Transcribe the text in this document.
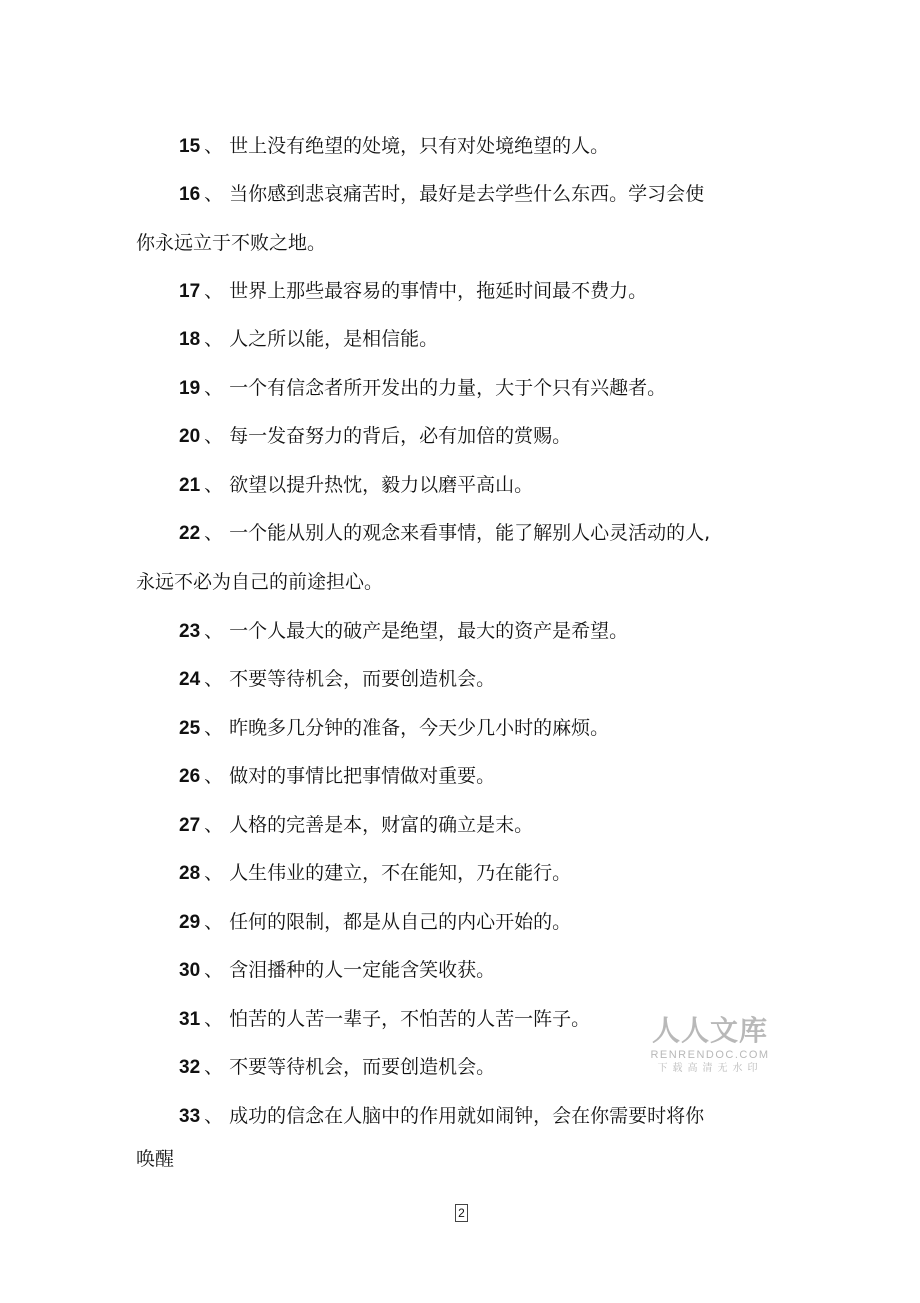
15 、 世上没有绝望的处境，只有对处境绝望的人。
16 、 当你感到悲哀痛苦时，最好是去学些什么东西。学习会使
你永远立于不败之地。
17 、 世界上那些最容易的事情中，拖延时间最不费力。
18 、 人之所以能，是相信能。
19 、 一个有信念者所开发出的力量，大于个只有兴趣者。
20 、 每一发奋努力的背后，必有加倍的赏赐。
21 、 欲望以提升热忱，毅力以磨平高山。
22 、 一个能从别人的观念来看事情，能了解别人心灵活动的人,
永远不必为自己的前途担心。
23 、 一个人最大的破产是绝望，最大的资产是希望。
24 、 不要等待机会，而要创造机会。
25 、 昨晚多几分钟的准备，今天少几小时的麻烦。
26 、 做对的事情比把事情做对重要。
27 、 人格的完善是本，财富的确立是末。
28 、 人生伟业的建立，不在能知，乃在能行。
29 、 任何的限制，都是从自己的内心开始的。
30 、 含泪播种的人一定能含笑收获。
31 、 怕苦的人苦一辈子，不怕苦的人苦一阵子。
32 、 不要等待机会，而要创造机会。
33 、 成功的信念在人脑中的作用就如闹钟，会在你需要时将你
唤醒
人人文库
RENRENDOC.COM
下载高清无水印
2
